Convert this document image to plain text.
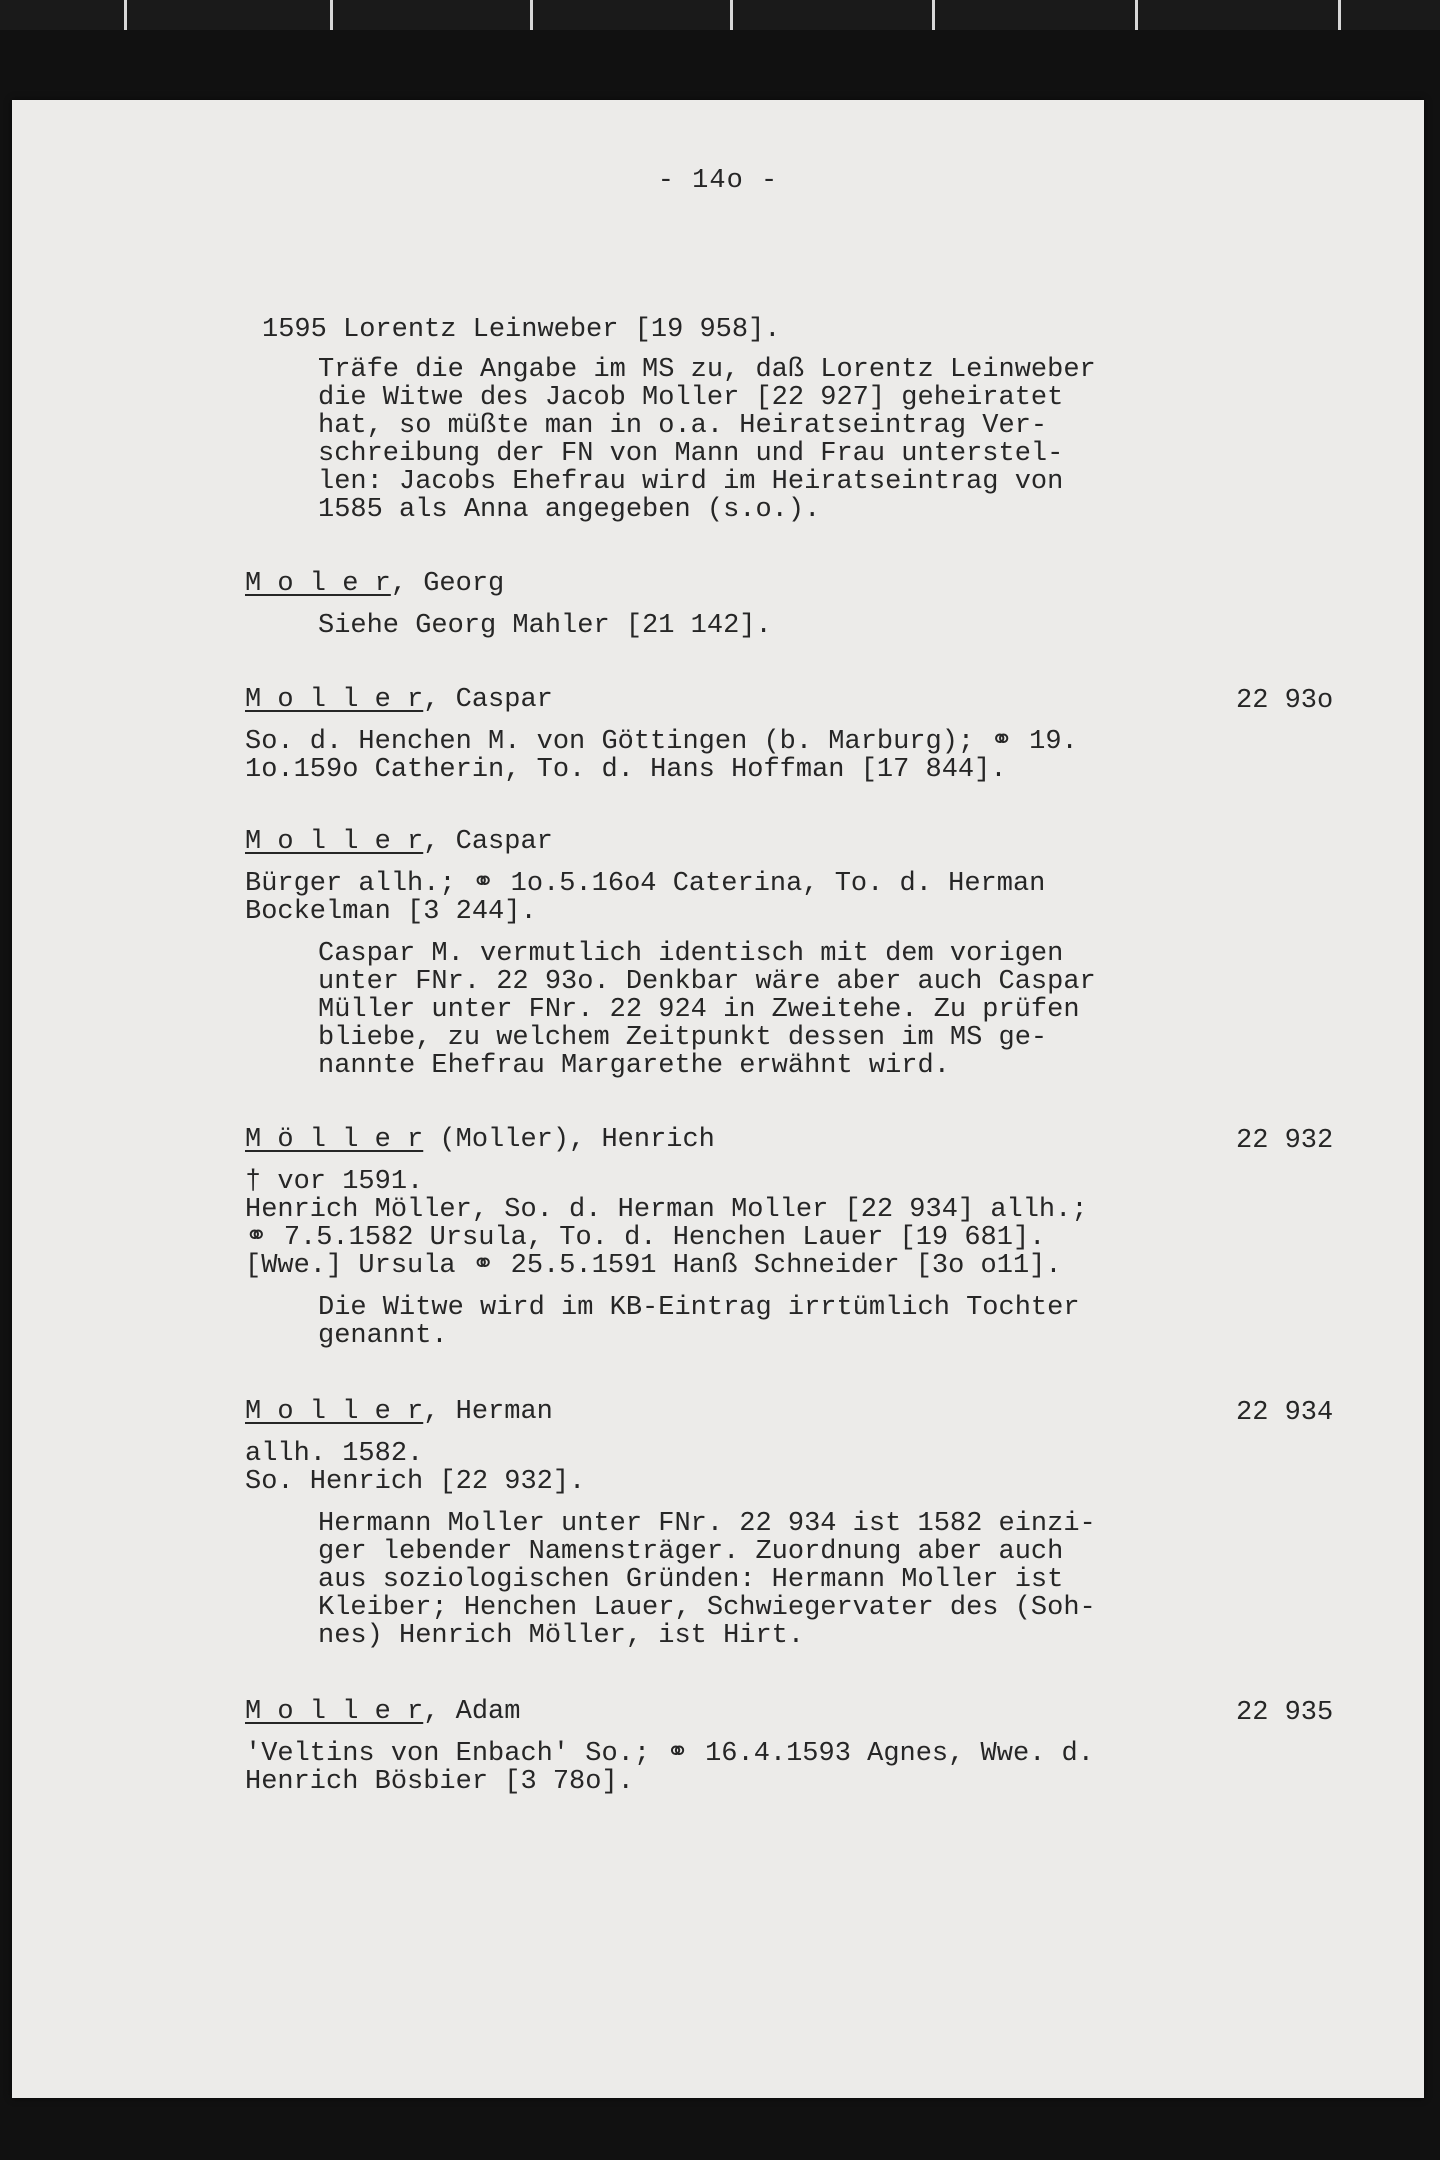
- 14o -
1595 Lorentz Leinweber [19 958].
Träfe die Angabe im MS zu, daß Lorentz Leinweber
die Witwe des Jacob Moller [22 927] geheiratet
hat, so müßte man in o.a. Heiratseintrag Ver-
schreibung der FN von Mann und Frau unterstel-
len: Jacobs Ehefrau wird im Heiratseintrag von
1585 als Anna angegeben (s.o.).
M o l e r, Georg
Siehe Georg Mahler [21 142].
M o l l e r, Caspar	22 93o
So. d. Henchen M. von Göttingen (b. Marburg); ⚭ 19.
1o.159o Catherin, To. d. Hans Hoffman [17 844].
M o l l e r, Caspar
Bürger allh.; ⚭ 1o.5.16o4 Caterina, To. d. Herman
Bockelman [3 244].
Caspar M. vermutlich identisch mit dem vorigen
unter FNr. 22 93o. Denkbar wäre aber auch Caspar
Müller unter FNr. 22 924 in Zweitehe. Zu prüfen
bliebe, zu welchem Zeitpunkt dessen im MS ge-
nannte Ehefrau Margarethe erwähnt wird.
M ö l l e r (Moller), Henrich	22 932
† vor 1591.
Henrich Möller, So. d. Herman Moller [22 934] allh.;
⚭ 7.5.1582 Ursula, To. d. Henchen Lauer [19 681].
[Wwe.] Ursula ⚭ 25.5.1591 Hanß Schneider [3o o11].
Die Witwe wird im KB-Eintrag irrtümlich Tochter
genannt.
M o l l e r, Herman	22 934
allh. 1582.
So. Henrich [22 932].
Hermann Moller unter FNr. 22 934 ist 1582 einzi-
ger lebender Namensträger. Zuordnung aber auch
aus soziologischen Gründen: Hermann Moller ist
Kleiber; Henchen Lauer, Schwiegervater des (Soh-
nes) Henrich Möller, ist Hirt.
M o l l e r, Adam	22 935
'Veltins von Enbach' So.; ⚭ 16.4.1593 Agnes, Wwe. d.
Henrich Bösbier [3 78o].
